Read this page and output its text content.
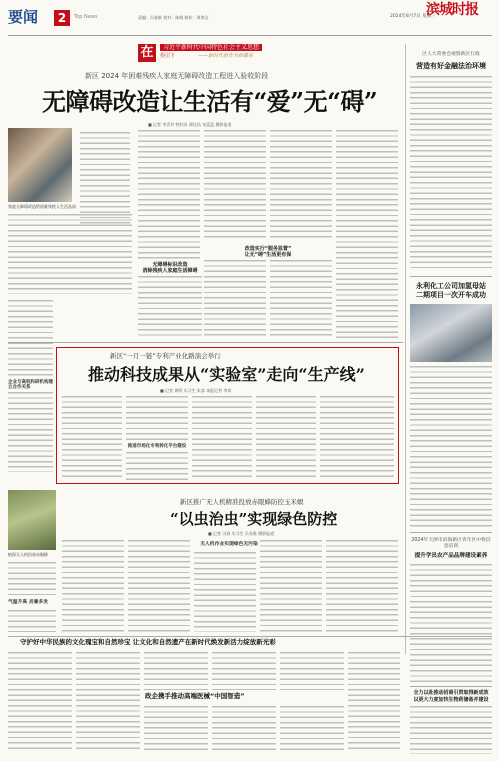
要闻	2	Top News	责编：冯春群 校对：陈晓 制作：周海宝	2024年8月7日 星期三
滨城时报
在	习近平新时代中国特色社会主义思想
指引下	——新时代新作为新篇章
新区 2024 年困难残疾人家庭无障碍改造工程进入验收阶段
无障碍改造让生活有“爱”无“碍”
■ 记者 李青玲 特约员 谭佳昌 宋蓝蓝 摄影报道
家庭无障碍改造给困难残疾人生活品质
无障碍标识改造
消除残疾人家庭生活障碍
改造实行“服务监督”
让无“碍”生活更有保
企业与高校科研机构建立合作关系
新区“一月一链”专利产业化路演会举行
推动科技成果从“实验室”走向“生产线”
■ 记者 黄明 实习生 朱睿 本报记者 李真
推进市场化专利转化平台建设
植保无人机投放赤眼蜂
气温升高 炎暑多发
新区推广无人机精准投放赤眼蜂防控玉米螟
“以虫治虫”实现绿色防控
■ 记者 冯春 实习生 乐苏维 摄影报道
无人机作业实现绿色无污染
守护好中华民族的文化瑰宝和自然珍宝 让文化和自然遗产在新时代焕发新活力绽放新光彩
政企携手推动高端医械“中国智造”
区人大常委会视察新区行政
营造有好金融法治环境
永利化工公司加氢母站
二期项目一次开车成功
2024年天津市滨海新区青年区中班信息培训
提升学员农产品品牌建设素养
全力以赴推动招商引资取得新成效
以更大力度加快生物药储备并建设
